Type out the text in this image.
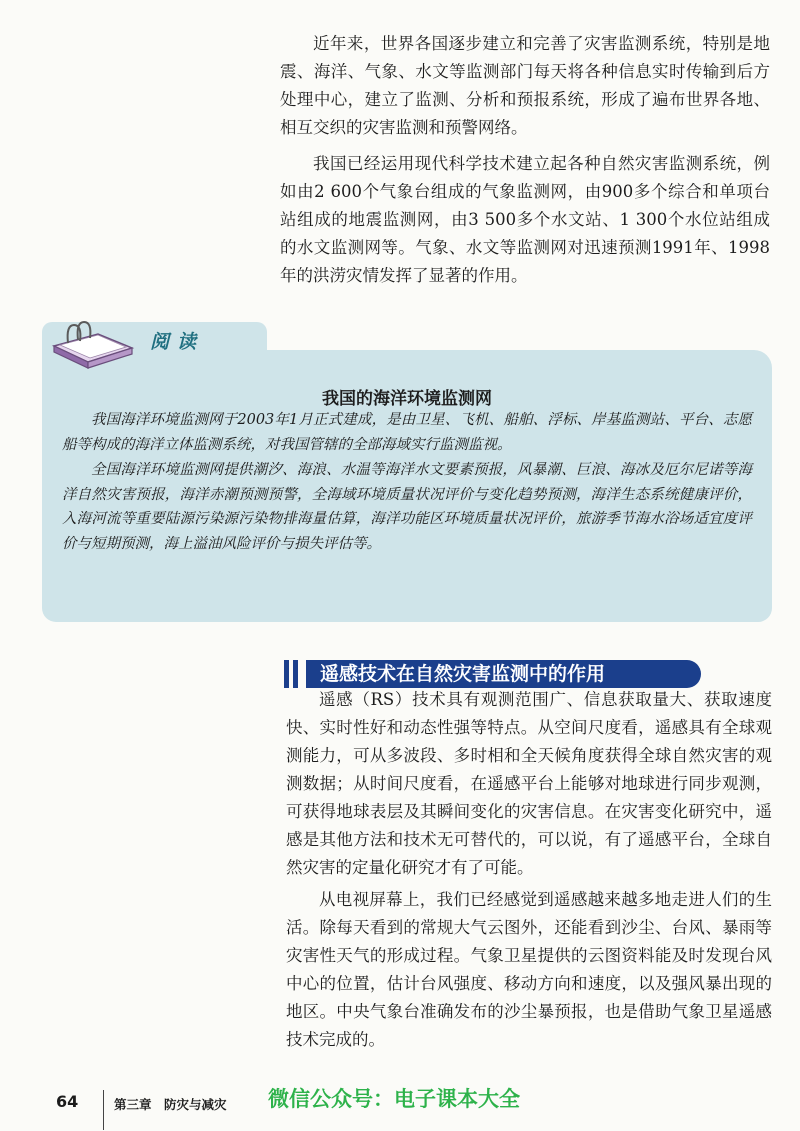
近年来，世界各国逐步建立和完善了灾害监测系统，特别是地震、海洋、气象、水文等监测部门每天将各种信息实时传输到后方处理中心，建立了监测、分析和预报系统，形成了遍布世界各地、相互交织的灾害监测和预警网络。

我国已经运用现代科学技术建立起各种自然灾害监测系统，例如由2 600个气象台组成的气象监测网，由900多个综合和单项台站组成的地震监测网，由3 500多个水文站、1 300个水位站组成的水文监测网等。气象、水文等监测网对迅速预测1991年、1998年的洪涝灾情发挥了显著的作用。

阅读
我国的海洋环境监测网

我国海洋环境监测网于2003年1月正式建成，是由卫星、飞机、船舶、浮标、岸基监测站、平台、志愿船等构成的海洋立体监测系统，对我国管辖的全部海域实行监测监视。

全国海洋环境监测网提供潮汐、海浪、水温等海洋水文要素预报，风暴潮、巨浪、海冰及厄尔尼诺等海洋自然灾害预报，海洋赤潮预测预警，全海域环境质量状况评价与变化趋势预测，海洋生态系统健康评价，入海河流等重要陆源污染源污染物排海量估算，海洋功能区环境质量状况评价，旅游季节海水浴场适宜度评价与短期预测，海上溢油风险评价与损失评估等。

遥感技术在自然灾害监测中的作用

遥感（RS）技术具有观测范围广、信息获取量大、获取速度快、实时性好和动态性强等特点。从空间尺度看，遥感具有全球观测能力，可从多波段、多时相和全天候角度获得全球自然灾害的观测数据；从时间尺度看，在遥感平台上能够对地球进行同步观测，可获得地球表层及其瞬间变化的灾害信息。在灾害变化研究中，遥感是其他方法和技术无可替代的，可以说，有了遥感平台，全球自然灾害的定量化研究才有了可能。

从电视屏幕上，我们已经感觉到遥感越来越多地走进人们的生活。除每天看到的常规大气云图外，还能看到沙尘、台风、暴雨等灾害性天气的形成过程。气象卫星提供的云图资料能及时发现台风中心的位置，估计台风强度、移动方向和速度，以及强风暴出现的地区。中央气象台准确发布的沙尘暴预报，也是借助气象卫星遥感技术完成的。

64	第三章　防灾与减灾 微信公众号：电子课本大全
